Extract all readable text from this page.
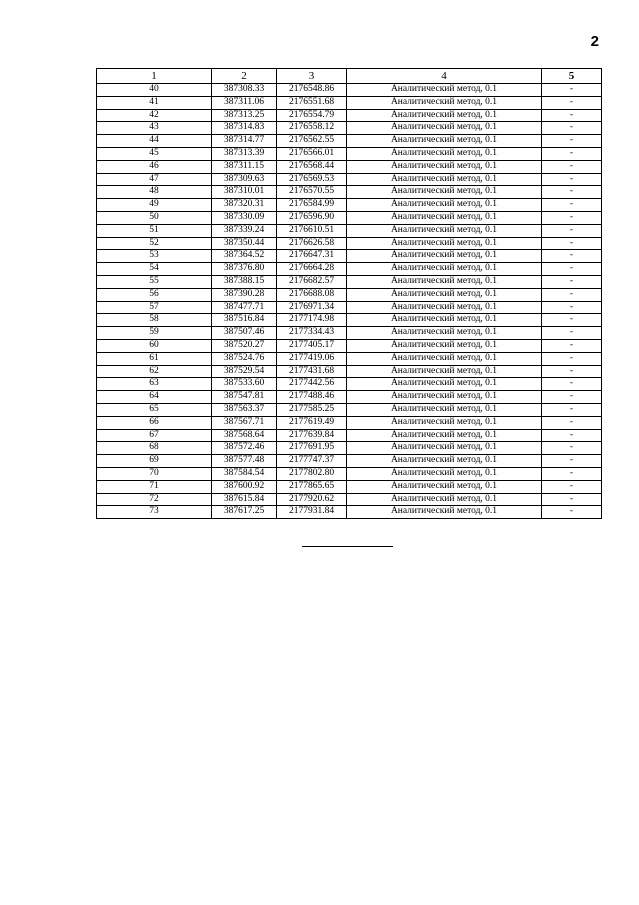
2
1	2	3	4	5
40	387308.33	2176548.86	Аналитический метод, 0.1	-
41	387311.06	2176551.68	Аналитический метод, 0.1	-
42	387313.25	2176554.79	Аналитический метод, 0.1	-
43	387314.83	2176558.12	Аналитический метод, 0.1	-
44	387314.77	2176562.55	Аналитический метод, 0.1	-
45	387313.39	2176566.01	Аналитический метод, 0.1	-
46	387311.15	2176568.44	Аналитический метод, 0.1	-
47	387309.63	2176569.53	Аналитический метод, 0.1	-
48	387310.01	2176570.55	Аналитический метод, 0.1	-
49	387320.31	2176584.99	Аналитический метод, 0.1	-
50	387330.09	2176596.90	Аналитический метод, 0.1	-
51	387339.24	2176610.51	Аналитический метод, 0.1	-
52	387350.44	2176626.58	Аналитический метод, 0.1	-
53	387364.52	2176647.31	Аналитический метод, 0.1	-
54	387376.80	2176664.28	Аналитический метод, 0.1	-
55	387388.15	2176682.57	Аналитический метод, 0.1	-
56	387390.28	2176688.08	Аналитический метод, 0.1	-
57	387477.71	2176971.34	Аналитический метод, 0.1	-
58	387516.84	2177174.98	Аналитический метод, 0.1	-
59	387507.46	2177334.43	Аналитический метод, 0.1	-
60	387520.27	2177405.17	Аналитический метод, 0.1	-
61	387524.76	2177419.06	Аналитический метод, 0.1	-
62	387529.54	2177431.68	Аналитический метод, 0.1	-
63	387533.60	2177442.56	Аналитический метод, 0.1	-
64	387547.81	2177488.46	Аналитический метод, 0.1	-
65	387563.37	2177585.25	Аналитический метод, 0.1	-
66	387567.71	2177619.49	Аналитический метод, 0.1	-
67	387568.64	2177639.84	Аналитический метод, 0.1	-
68	387572.46	2177691.95	Аналитический метод, 0.1	-
69	387577.48	2177747.37	Аналитический метод, 0.1	-
70	387584.54	2177802.80	Аналитический метод, 0.1	-
71	387600.92	2177865.65	Аналитический метод, 0.1	-
72	387615.84	2177920.62	Аналитический метод, 0.1	-
73	387617.25	2177931.84	Аналитический метод, 0.1	-
